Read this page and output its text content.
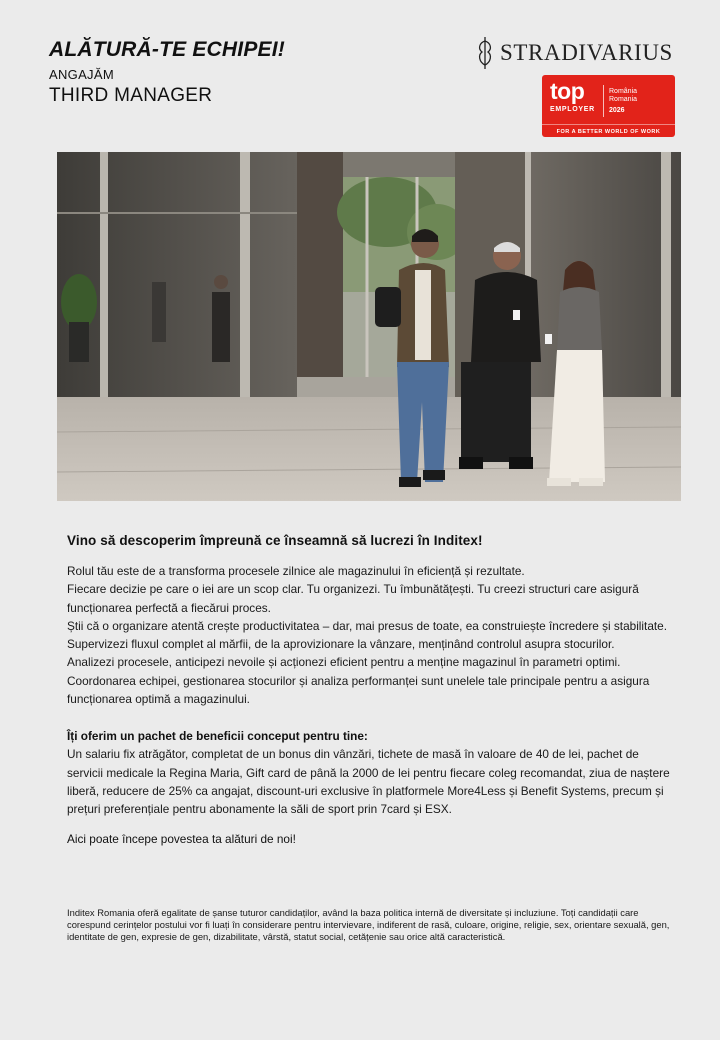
ALĂTURĂ-TE ECHIPEI!
ANGAJĂM
THIRD MANAGER
STRADIVARIUS
top
EMPLOYER
România
Romania
2026
FOR A BETTER WORLD OF WORK
Vino să descoperim împreună ce înseamnă să lucrezi în Inditex!
Rolul tău este de a transforma procesele zilnice ale magazinului în eficiență și rezultate.
Fiecare decizie pe care o iei are un scop clar. Tu organizezi. Tu îmbunătățești. Tu creezi structuri care asigură funcționarea perfectă a fiecărui proces.
Știi că o organizare atentă crește productivitatea – dar, mai presus de toate, ea construiește încredere și stabilitate.
Supervizezi fluxul complet al mărfii, de la aprovizionare la vânzare, menținând controlul asupra stocurilor.
Analizezi procesele, anticipezi nevoile și acționezi eficient pentru a menține magazinul în parametri optimi.
Coordonarea echipei, gestionarea stocurilor și analiza performanței sunt unelele tale principale pentru a asigura funcționarea optimă a magazinului.
Îți oferim un pachet de beneficii conceput pentru tine:
Un salariu fix atrăgător, completat de un bonus din vânzări, tichete de masă în valoare de 40 de lei, pachet de servicii medicale la Regina Maria, Gift card de până la 2000 de lei pentru fiecare coleg recomandat, ziua de naștere liberă, reducere de 25% ca angajat, discount-uri exclusive în platformele More4Less și Benefit Systems, precum și prețuri preferențiale pentru abonamente la săli de sport prin 7card și ESX.
Aici poate începe povestea ta alături de noi!
Inditex Romania oferă egalitate de șanse tuturor candidaților, având la baza politica internă de diversitate și incluziune. Toți candidații care corespund cerințelor postului vor fi luați în considerare pentru intervievare, indiferent de rasă, culoare, origine, religie, sex, orientare sexuală, gen, identitate de gen, expresie de gen, dizabilitate, vârstă, statut social, cetățenie sau orice altă caracteristică.
